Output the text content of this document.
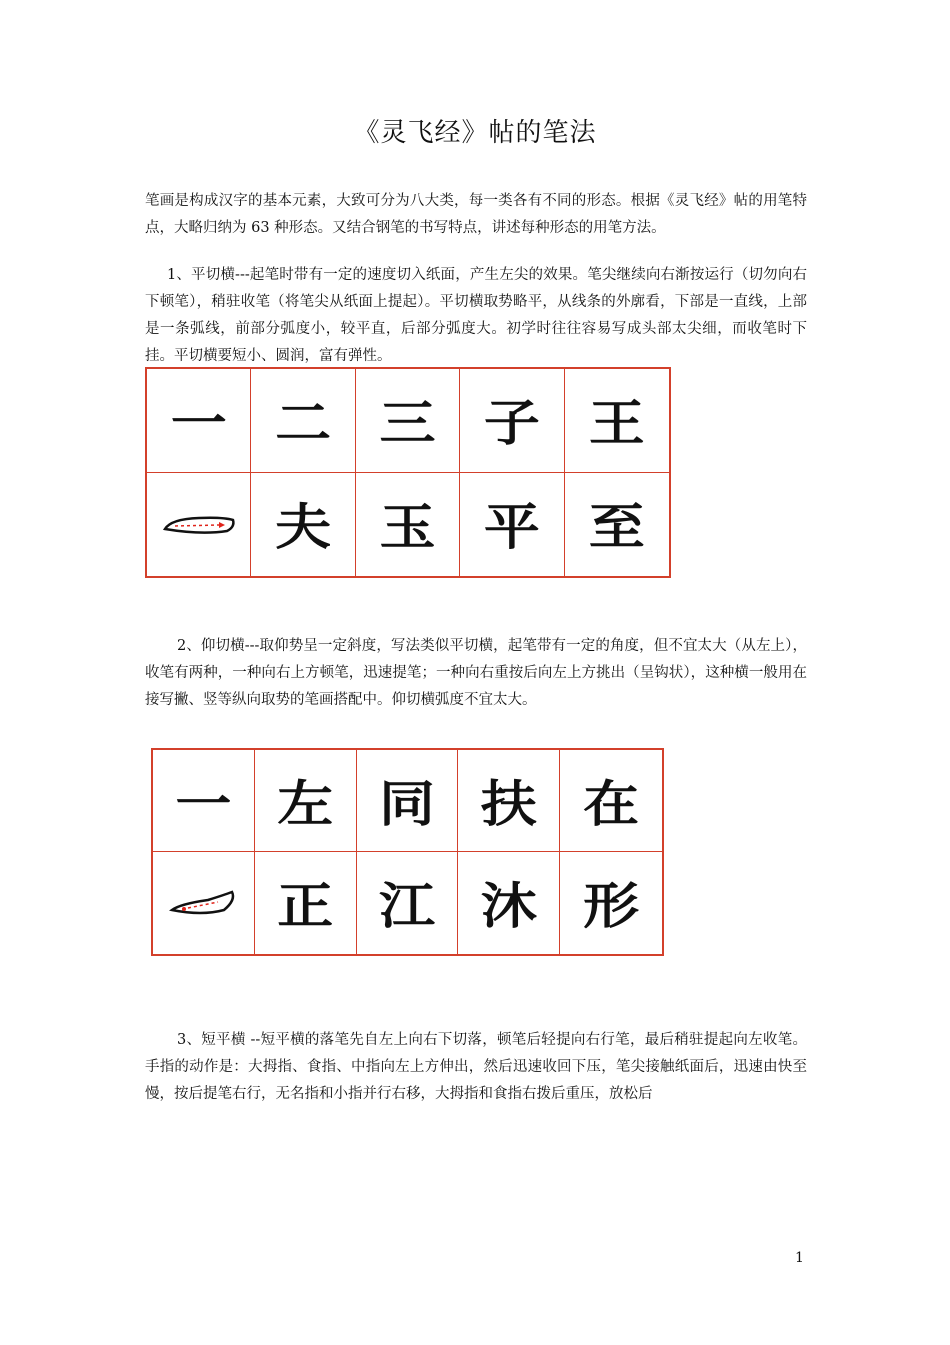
《灵飞经》帖的笔法

笔画是构成汉字的基本元素，大致可分为八大类，每一类各有不同的形态。根据《灵飞经》帖的用笔特点，大略归纳为 63 种形态。又结合钢笔的书写特点，讲述每种形态的用笔方法。

1、平切横---起笔时带有一定的速度切入纸面，产生左尖的效果。笔尖继续向右渐按运行（切勿向右下顿笔），稍驻收笔（将笔尖从纸面上提起）。平切横取势略平，从线条的外廓看，下部是一直线，上部是一条弧线，前部分弧度小，较平直，后部分弧度大。初学时往往容易写成头部太尖细，而收笔时下挂。平切横要短小、圆润，富有弹性。

一 二 三 子 王
夫 玉 平 至

2、仰切横---取仰势呈一定斜度，写法类似平切横，起笔带有一定的角度，但不宜太大（从左上），收笔有两种，一种向右上方顿笔，迅速提笔；一种向右重按后向左上方挑出（呈钩状），这种横一般用在接写撇、竖等纵向取势的笔画搭配中。仰切横弧度不宜太大。

一 左 同 扶 在
正 江 沐 形

3、短平横 --短平横的落笔先自左上向右下切落，顿笔后轻提向右行笔，最后稍驻提起向左收笔。手指的动作是：大拇指、食指、中指向左上方伸出，然后迅速收回下压，笔尖接触纸面后，迅速由快至慢，按后提笔右行，无名指和小指并行右移，大拇指和食指右拨后重压，放松后

1
